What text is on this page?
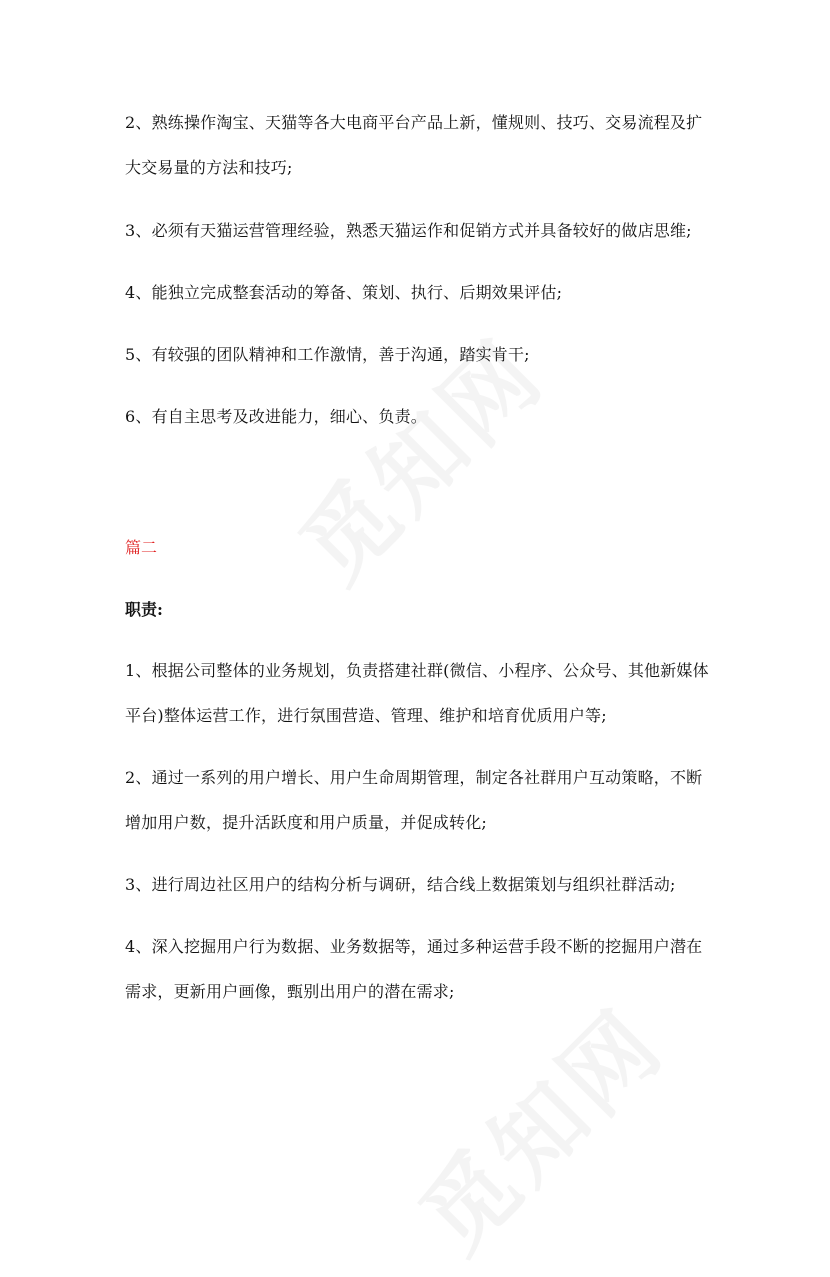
2、熟练操作淘宝、天猫等各大电商平台产品上新，懂规则、技巧、交易流程及扩大交易量的方法和技巧;

3、必须有天猫运营管理经验，熟悉天猫运作和促销方式并具备较好的做店思维;

4、能独立完成整套活动的筹备、策划、执行、后期效果评估;

5、有较强的团队精神和工作激情，善于沟通，踏实肯干;

6、有自主思考及改进能力，细心、负责。

篇二

职责:

1、根据公司整体的业务规划，负责搭建社群(微信、小程序、公众号、其他新媒体平台)整体运营工作，进行氛围营造、管理、维护和培育优质用户等;

2、通过一系列的用户增长、用户生命周期管理，制定各社群用户互动策略，不断增加用户数，提升活跃度和用户质量，并促成转化;

3、进行周边社区用户的结构分析与调研，结合线上数据策划与组织社群活动;

4、深入挖掘用户行为数据、业务数据等，通过多种运营手段不断的挖掘用户潜在需求，更新用户画像，甄别出用户的潜在需求;
